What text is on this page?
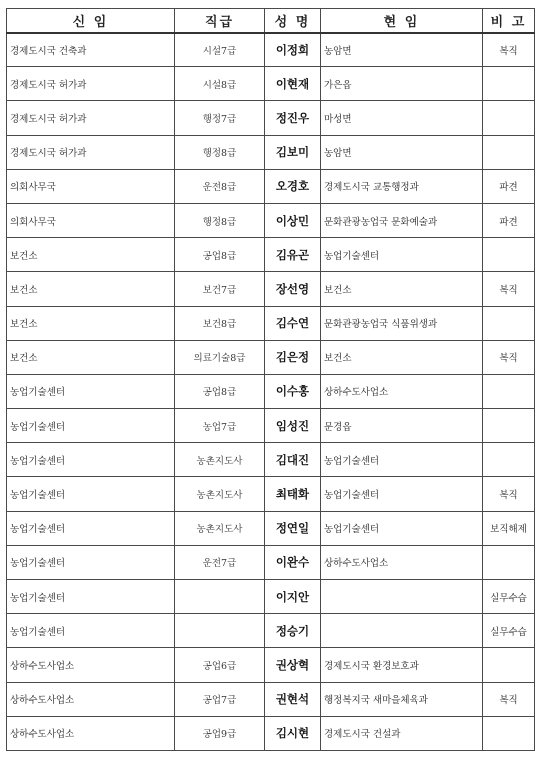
신 임	직급	성 명	현 임	비 고
경제도시국 건축과	시설7급	이정희	농암면	복직
경제도시국 허가과	시설8급	이현재	가은읍	
경제도시국 허가과	행정7급	정진우	마성면	
경제도시국 허가과	행정8급	김보미	농암면	
의회사무국	운전8급	오경호	경제도시국 교통행정과	파견
의회사무국	행정8급	이상민	문화관광농업국 문화예술과	파견
보건소	공업8급	김유곤	농업기술센터	
보건소	보건7급	장선영	보건소	복직
보건소	보건8급	김수연	문화관광농업국 식품위생과	
보건소	의료기술8급	김은정	보건소	복직
농업기술센터	공업8급	이수홍	상하수도사업소	
농업기술센터	농업7급	임성진	문경읍	
농업기술센터	농촌지도사	김대진	농업기술센터	
농업기술센터	농촌지도사	최태화	농업기술센터	복직
농업기술센터	농촌지도사	정연일	농업기술센터	보직해제
농업기술센터	운전7급	이완수	상하수도사업소	
농업기술센터		이지안		실무수습
농업기술센터		정승기		실무수습
상하수도사업소	공업6급	권상혁	경제도시국 환경보호과	
상하수도사업소	공업7급	권현석	행정복지국 새마을체육과	복직
상하수도사업소	공업9급	김시현	경제도시국 건설과	
